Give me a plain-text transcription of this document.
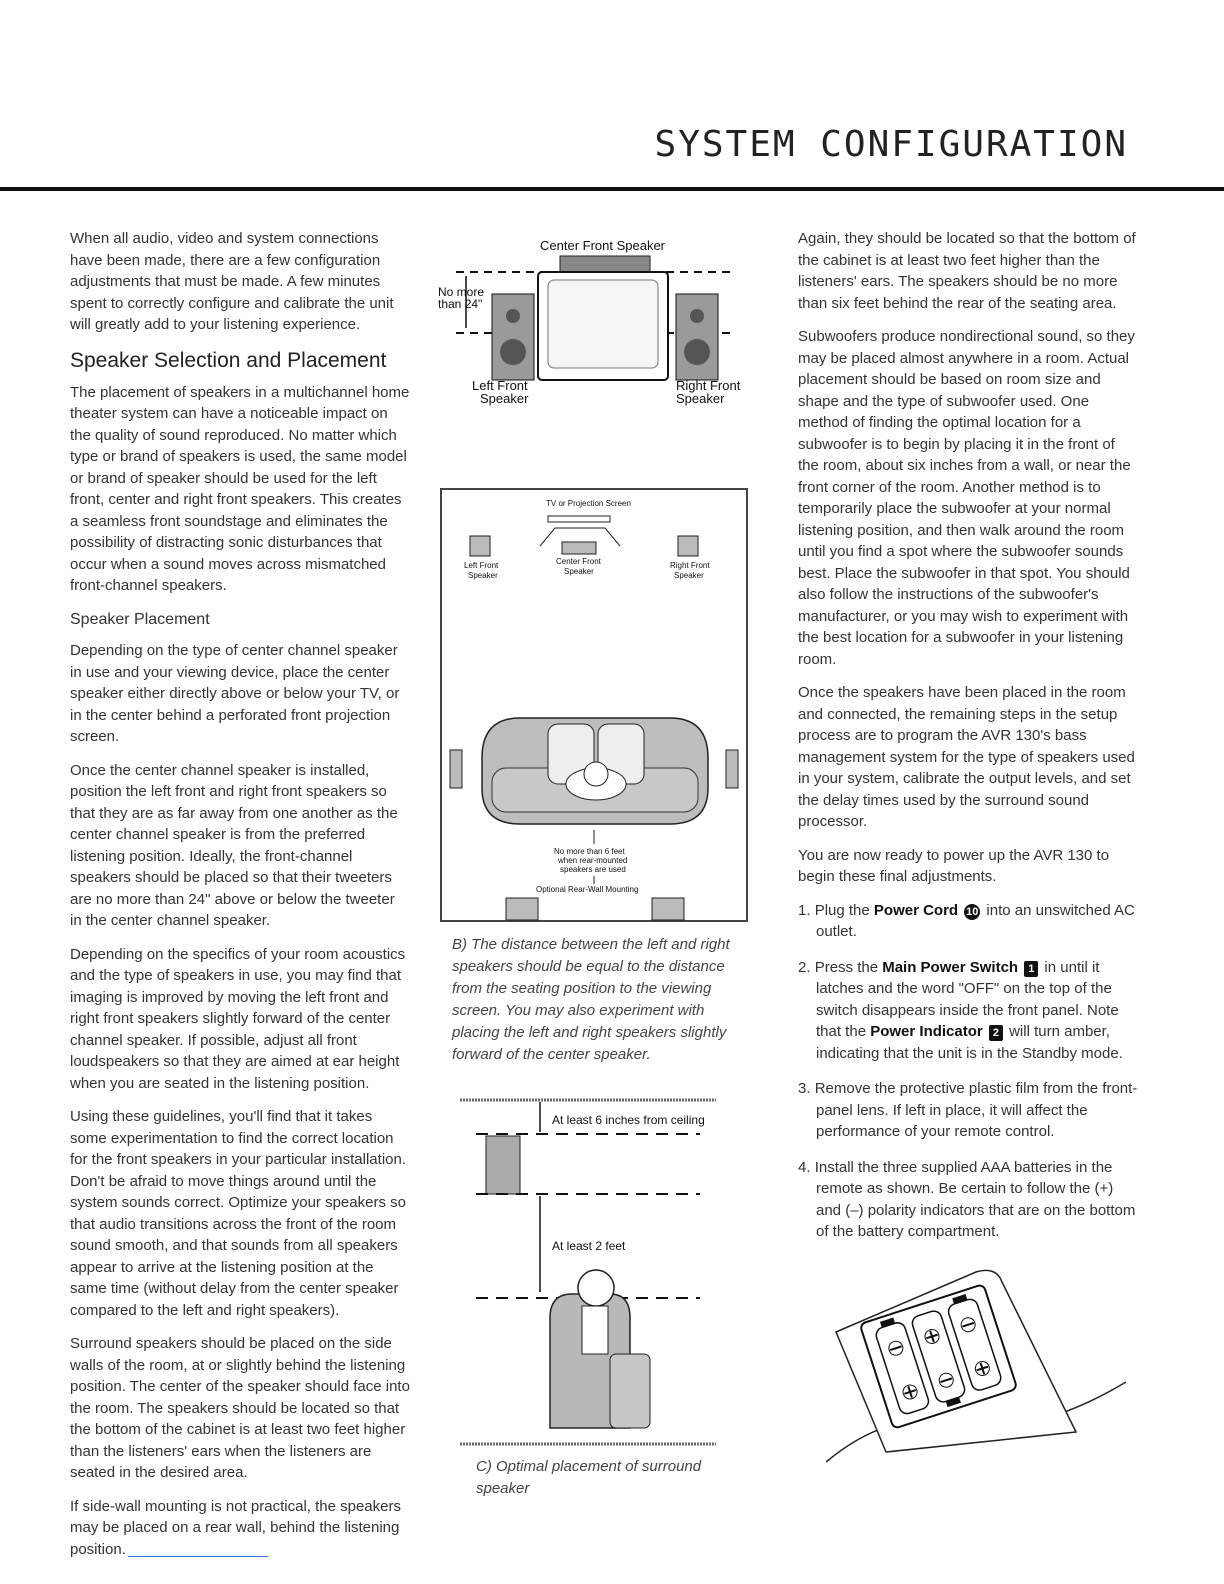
SYSTEM CONFIGURATION

When all audio, video and system connections have been made, there are a few configuration adjustments that must be made. A few minutes spent to correctly configure and calibrate the unit will greatly add to your listening experience.

Speaker Selection and Placement

The placement of speakers in a multichannel home theater system can have a noticeable impact on the quality of sound reproduced. No matter which type or brand of speakers is used, the same model or brand of speaker should be used for the left front, center and right front speakers. This creates a seamless front soundstage and eliminates the possibility of distracting sonic disturbances that occur when a sound moves across mismatched front-channel speakers.

Speaker Placement

Depending on the type of center channel speaker in use and your viewing device, place the center speaker either directly above or below your TV, or in the center behind a perforated front projection screen.

Once the center channel speaker is installed, position the left front and right front speakers so that they are as far away from one another as the center channel speaker is from the preferred listening position. Ideally, the front-channel speakers should be placed so that their tweeters are no more than 24" above or below the tweeter in the center channel speaker.

Depending on the specifics of your room acoustics and the type of speakers in use, you may find that imaging is improved by moving the left front and right front speakers slightly forward of the center channel speaker. If possible, adjust all front loudspeakers so that they are aimed at ear height when you are seated in the listening position.

Using these guidelines, you'll find that it takes some experimentation to find the correct location for the front speakers in your particular installation. Don't be afraid to move things around until the system sounds correct. Optimize your speakers so that audio transitions across the front of the room sound smooth, and that sounds from all speakers appear to arrive at the listening position at the same time (without delay from the center speaker compared to the left and right speakers).

Surround speakers should be placed on the side walls of the room, at or slightly behind the listening position. The center of the speaker should face into the room. The speakers should be located so that the bottom of the cabinet is at least two feet higher than the listeners' ears when the listeners are seated in the desired area.

If side-wall mounting is not practical, the speakers may be placed on a rear wall, behind the listening position.

Center Front Speaker
No more
than 24"
Left Front
Speaker
Right Front
Speaker
TV or Projection Screen
Left Front
Speaker
Center Front
Speaker
Right Front
Speaker
No more than 6 feet
when rear-mounted
speakers are used
Optional Rear-Wall Mounting
B) The distance between the left and right speakers should be equal to the distance from the seating position to the viewing screen. You may also experiment with placing the left and right speakers slightly forward of the center speaker.
At least 6 inches from ceiling
At least 2 feet
C) Optimal placement of surround speaker

Again, they should be located so that the bottom of the cabinet is at least two feet higher than the listeners' ears. The speakers should be no more than six feet behind the rear of the seating area.

Subwoofers produce nondirectional sound, so they may be placed almost anywhere in a room. Actual placement should be based on room size and shape and the type of subwoofer used. One method of finding the optimal location for a subwoofer is to begin by placing it in the front of the room, about six inches from a wall, or near the front corner of the room. Another method is to temporarily place the subwoofer at your normal listening position, and then walk around the room until you find a spot where the subwoofer sounds best. Place the subwoofer in that spot. You should also follow the instructions of the subwoofer's manufacturer, or you may wish to experiment with the best location for a subwoofer in your listening room.

Once the speakers have been placed in the room and connected, the remaining steps in the setup process are to program the AVR 130's bass management system for the type of speakers used in your system, calibrate the output levels, and set the delay times used by the surround sound processor.

You are now ready to power up the AVR 130 to begin these final adjustments.

1. Plug the Power Cord 10 into an unswitched AC outlet.
2. Press the Main Power Switch 1 in until it latches and the word "OFF" on the top of the switch disappears inside the front panel. Note that the Power Indicator 2 will turn amber, indicating that the unit is in the Standby mode.
3. Remove the protective plastic film from the front-panel lens. If left in place, it will affect the performance of your remote control.
4. Install the three supplied AAA batteries in the remote as shown. Be certain to follow the (+) and (–) polarity indicators that are on the bottom of the battery compartment.
